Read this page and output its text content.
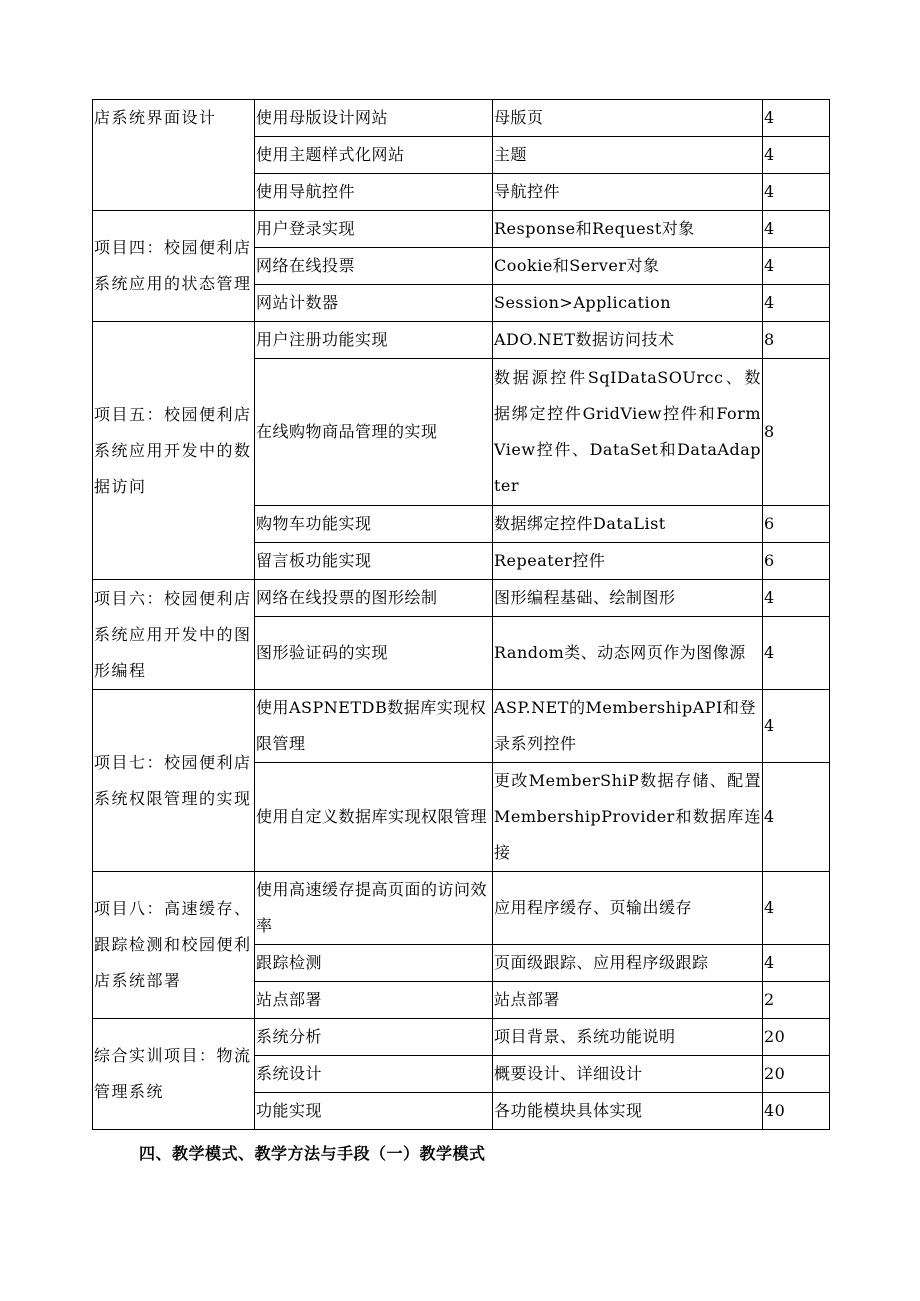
店系统界面设计	使用母版设计网站	母版页	4
	使用主题样式化网站	主题	4
	使用导航控件	导航控件	4
项目四：校园便利店系统应用的状态管理	用户登录实现	Response和Request对象	4
	网络在线投票	Cookie和Server对象	4
	网站计数器	Session>Application	4
项目五：校园便利店系统应用开发中的数据访问	用户注册功能实现	ADO.NET数据访问技术	8
	在线购物商品管理的实现	数据源控件SqIDataSOUrcc、数据绑定控件GridView控件和FormView控件、DataSet和DataAdapter	8
	购物车功能实现	数据绑定控件DataList	6
	留言板功能实现	Repeater控件	6
项目六：校园便利店系统应用开发中的图形编程	网络在线投票的图形绘制	图形编程基础、绘制图形	4
	图形验证码的实现	Random类、动态网页作为图像源	4
项目七：校园便利店系统权限管理的实现	使用ASPNETDB数据库实现权限管理	ASP.NET的MembershipAPI和登录系列控件	4
	使用自定义数据库实现权限管理	更改MemberShiP数据存储、配置MembershipProvider和数据库连接	4
项目八：高速缓存、跟踪检测和校园便利店系统部署	使用高速缓存提高页面的访问效率	应用程序缓存、页输出缓存	4
	跟踪检测	页面级跟踪、应用程序级跟踪	4
	站点部署	站点部署	2
综合实训项目：物流管理系统	系统分析	项目背景、系统功能说明	20
	系统设计	概要设计、详细设计	20
	功能实现	各功能模块具体实现	40
四、教学模式、教学方法与手段（一）教学模式
